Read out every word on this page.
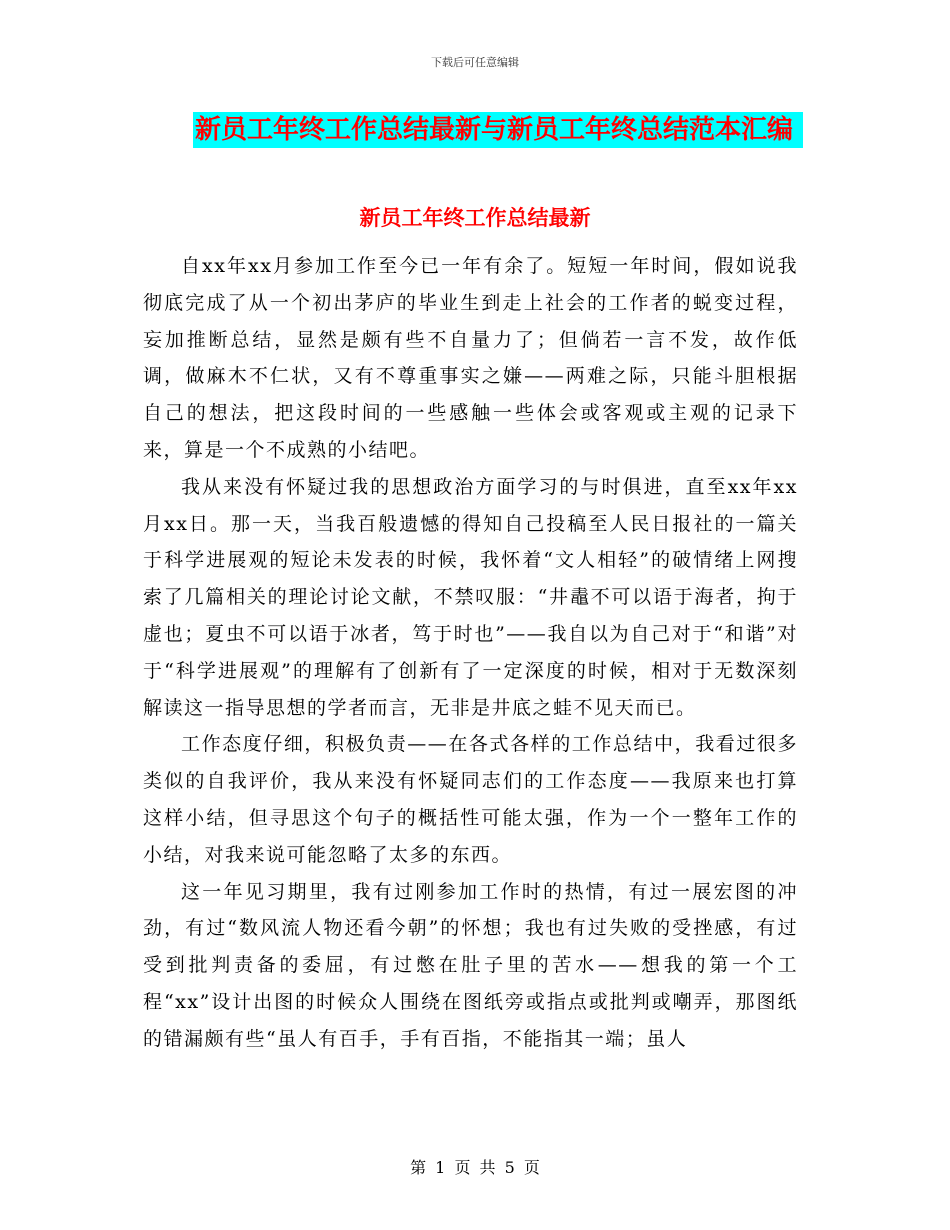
下载后可任意编辑
新员工年终工作总结最新与新员工年终总结范本汇编
新员工年终工作总结最新

自xx年xx月参加工作至今已一年有余了。短短一年时间，假如说我彻底完成了从一个初出茅庐的毕业生到走上社会的工作者的蜕变过程，妄加推断总结，显然是颇有些不自量力了；但倘若一言不发，故作低调，做麻木不仁状，又有不尊重事实之嫌——两难之际，只能斗胆根据自己的想法，把这段时间的一些感触一些体会或客观或主观的记录下来，算是一个不成熟的小结吧。

我从来没有怀疑过我的思想政治方面学习的与时俱进，直至xx年xx月xx日。那一天，当我百般遗憾的得知自己投稿至人民日报社的一篇关于科学进展观的短论未发表的时候，我怀着“文人相轻”的破情绪上网搜索了几篇相关的理论讨论文献，不禁叹服：“井鼃不可以语于海者，拘于虚也；夏虫不可以语于冰者，笃于时也”——我自以为自己对于“和谐”对于“科学进展观”的理解有了创新有了一定深度的时候，相对于无数深刻解读这一指导思想的学者而言，无非是井底之蛙不见天而已。

工作态度仔细，积极负责——在各式各样的工作总结中，我看过很多类似的自我评价，我从来没有怀疑同志们的工作态度——我原来也打算这样小结，但寻思这个句子的概括性可能太强，作为一个一整年工作的小结，对我来说可能忽略了太多的东西。

这一年见习期里，我有过刚参加工作时的热情，有过一展宏图的冲劲，有过“数风流人物还看今朝”的怀想；我也有过失败的受挫感，有过受到批判责备的委屈，有过憋在肚子里的苦水——想我的第一个工程“xx”设计出图的时候众人围绕在图纸旁或指点或批判或嘲弄，那图纸的错漏颇有些“虽人有百手，手有百指，不能指其一端；虽人

第 1 页 共 5 页
